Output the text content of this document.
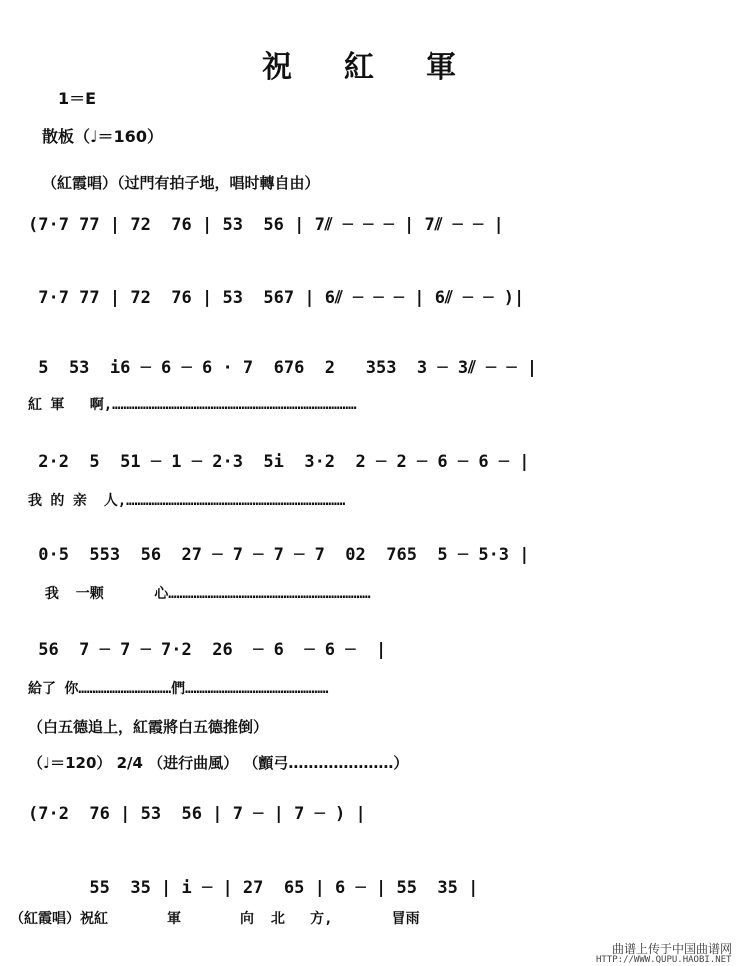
祝紅軍
1＝E
散板（♩＝160）
（紅霞唱）（过門有拍子地，唱时轉自由）
(7·7 77 | 72  76 | 53  56 | 7⫽ ─ ─ ─ | 7⫽ ─ ─ |
7·7 77 | 72  76 | 53  567 | 6⫽ ─ ─ ─ | 6⫽ ─ ─ )|
5  53  i6 ─ 6 ─ 6 · 7  676  2   353  3 ─ 3⫽ ─ ─ |
紅 軍   啊,……………………………………………………………………………
2·2  5  51 ─ 1 ─ 2·3  5i  3·2  2 ─ 2 ─ 6 ─ 6 ─ |
我 的 亲  人,……………………………………………………………………
0·5  553  56  27 ─ 7 ─ 7 ─ 7  02  765  5 ─ 5·3 |
我  一颗      心………………………………………………………………
56  7 ─ 7 ─ 7·2  26  ─ 6  ─ 6 ─  |
給了 你……………………………們……………………………………………
（白五德追上，紅霞將白五德推倒）
（♩＝120） 2/4 （进行曲風） （顫弓…………………）
(7·2  76 | 53  56 | 7 ─ | 7 ─ ) |
55  35 | i ─ | 27  65 | 6 ─ | 55  35 |
（紅霞唱）祝紅       軍       向  北   方,       冒雨
曲谱上传于中国曲谱网
HTTP://WWW.QUPU.HAOBI.NET
